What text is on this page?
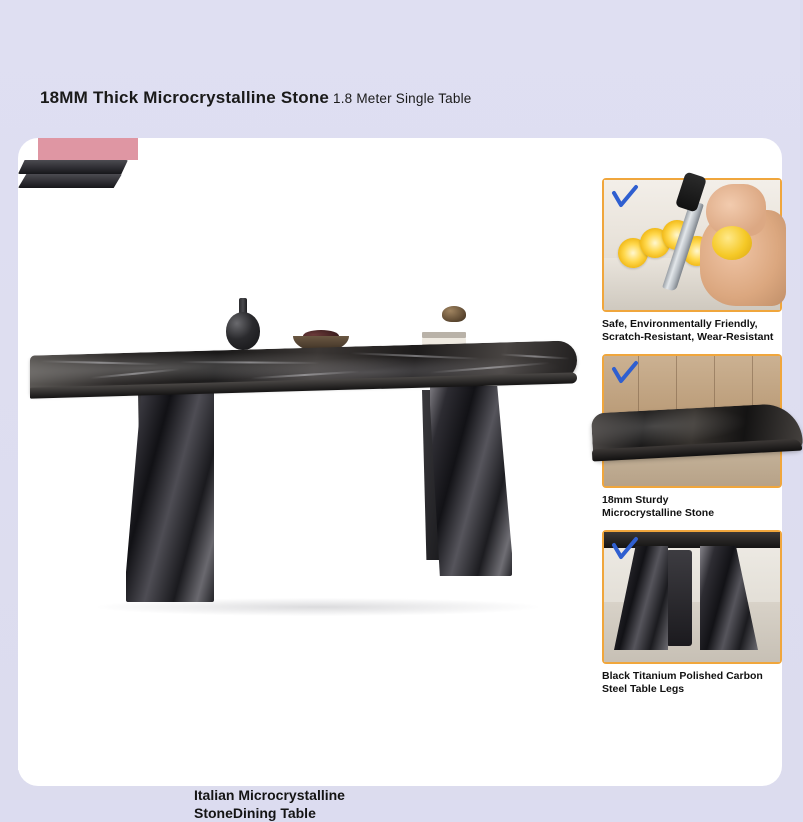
18MM Thick Microcrystalline Stone 1.8 Meter Single Table
Italian Microcrystalline
StoneDining Table
Safe, Environmentally Friendly,
Scratch-Resistant, Wear-Resistant
18mm Sturdy
Microcrystalline Stone
Black Titanium Polished Carbon
Steel Table Legs
